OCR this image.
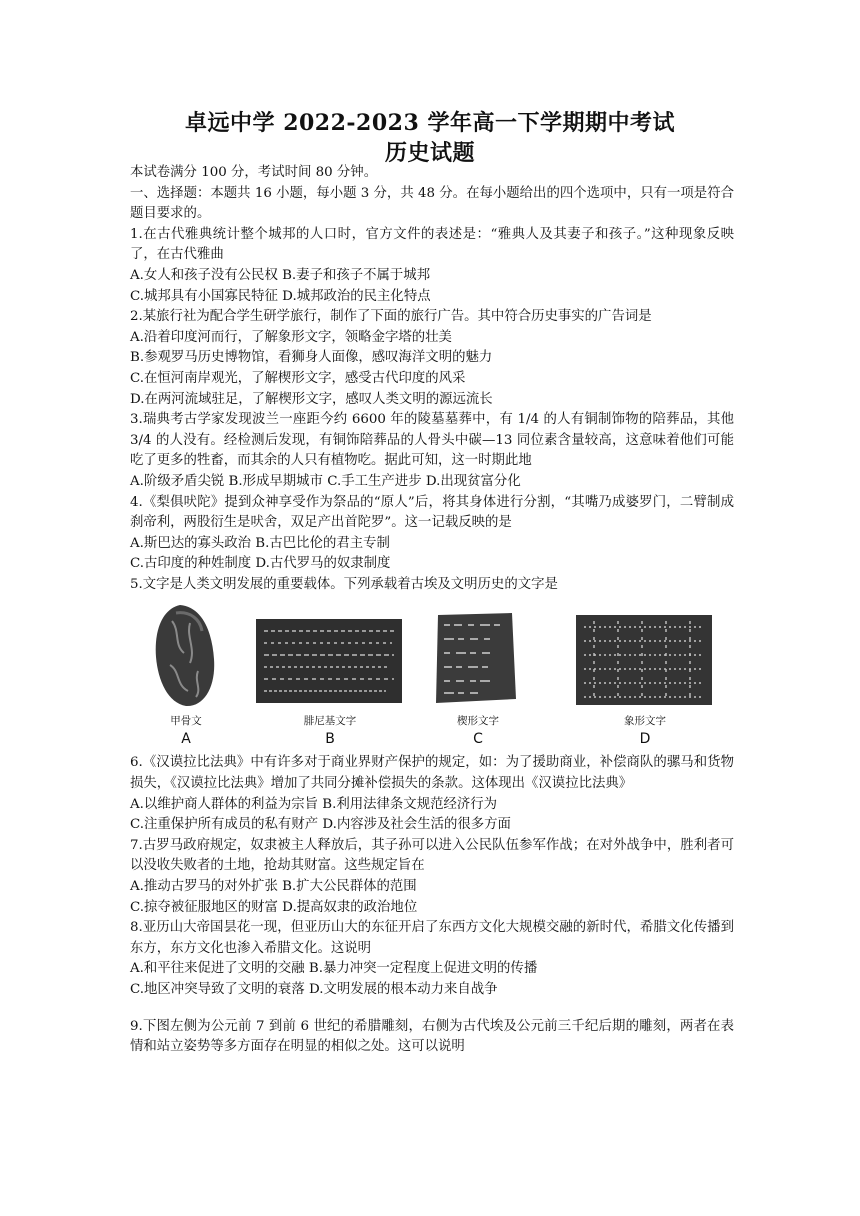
卓远中学 2022-2023 学年高一下学期期中考试
历史试题

本试卷满分 100 分，考试时间 80 分钟。

一、选择题：本题共 16 小题，每小题 3 分，共 48 分。在每小题给出的四个选项中，只有一项是符合题目要求的。

1.在古代雅典统计整个城邦的人口时，官方文件的表述是：“雅典人及其妻子和孩子。”这种现象反映了，在古代雅曲

A.女人和孩子没有公民权 B.妻子和孩子不属于城邦

C.城邦具有小国寡民特征 D.城邦政治的民主化特点

2.某旅行社为配合学生研学旅行，制作了下面的旅行广告。其中符合历史事实的广告词是

A.沿着印度河而行，了解象形文字，领略金字塔的壮美

B.参观罗马历史博物馆，看狮身人面像，感叹海洋文明的魅力

C.在恒河南岸观光，了解楔形文字，感受古代印度的风采

D.在两河流域驻足，了解楔形文字，感叹人类文明的源远流长

3.瑞典考古学家发现波兰一座距今约 6600 年的陵墓墓葬中，有 1/4 的人有铜制饰物的陪葬品，其他 3/4 的人没有。经检测后发现，有铜饰陪葬品的人骨头中碳—13 同位素含量较高，这意味着他们可能吃了更多的牲畜，而其余的人只有植物吃。据此可知，这一时期此地

A.阶级矛盾尖锐 B.形成早期城市 C.手工生产进步 D.出现贫富分化

4.《梨俱吠陀》提到众神享受作为祭品的“原人”后，将其身体进行分割，“其嘴乃成婆罗门，二臂制成刹帝利，两股衍生是吠舍，双足产出首陀罗”。这一记载反映的是

A.斯巴达的寡头政治 B.古巴比伦的君主专制

C.古印度的种姓制度 D.古代罗马的奴隶制度

5.文字是人类文明发展的重要载体。下列承载着古埃及文明历史的文字是

甲骨文
A
腓尼基文字
B
楔形文字
C
象形文字
D

6.《汉谟拉比法典》中有许多对于商业界财产保护的规定，如：为了援助商业，补偿商队的骡马和货物损失，《汉谟拉比法典》增加了共同分摊补偿损失的条款。这体现出《汉谟拉比法典》

A.以维护商人群体的利益为宗旨 B.利用法律条文规范经济行为

C.注重保护所有成员的私有财产 D.内容涉及社会生活的很多方面

7.古罗马政府规定，奴隶被主人释放后，其子孙可以进入公民队伍参军作战；在对外战争中，胜利者可以没收失败者的土地，抢劫其财富。这些规定旨在

A.推动古罗马的对外扩张 B.扩大公民群体的范围

C.掠夺被征服地区的财富 D.提高奴隶的政治地位

8.亚历山大帝国昙花一现，但亚历山大的东征开启了东西方文化大规模交融的新时代，希腊文化传播到东方，东方文化也渗入希腊文化。这说明

A.和平往来促进了文明的交融 B.暴力冲突一定程度上促进文明的传播

C.地区冲突导致了文明的衰落 D.文明发展的根本动力来自战争

9.下图左侧为公元前 7 到前 6 世纪的希腊雕刻，右侧为古代埃及公元前三千纪后期的雕刻，两者在表情和站立姿势等多方面存在明显的相似之处。这可以说明
